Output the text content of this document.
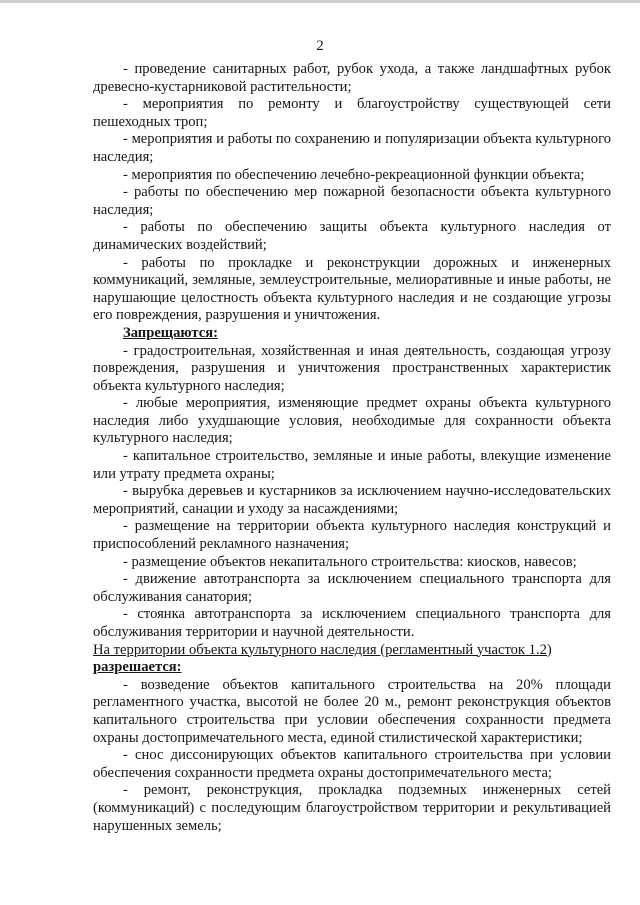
2

- проведение санитарных работ, рубок ухода, а также ландшафтных рубок древесно-кустарниковой растительности;

- мероприятия по ремонту и благоустройству существующей сети пешеходных троп;

- мероприятия и работы по сохранению и популяризации объекта культурного наследия;

- мероприятия по обеспечению лечебно-рекреационной функции объекта;

- работы по обеспечению мер пожарной безопасности объекта культурного наследия;

- работы по обеспечению защиты объекта культурного наследия от динамических воздействий;

- работы по прокладке и реконструкции дорожных и инженерных коммуникаций, земляные, землеустроительные, мелиоративные и иные работы, не нарушающие целостность объекта культурного наследия и не создающие угрозы его повреждения, разрушения и уничтожения.

Запрещаются:

- градостроительная, хозяйственная и иная деятельность, создающая угрозу повреждения, разрушения и уничтожения пространственных характеристик объекта культурного наследия;

- любые мероприятия, изменяющие предмет охраны объекта культурного наследия либо ухудшающие условия, необходимые для сохранности объекта культурного наследия;

- капитальное строительство, земляные и иные работы, влекущие изменение или утрату предмета охраны;

- вырубка деревьев и кустарников за исключением научно-исследовательских мероприятий, санации и уходу за насаждениями;

- размещение на территории объекта культурного наследия конструкций и приспособлений рекламного назначения;

- размещение объектов некапитального строительства: киосков, навесов;

- движение автотранспорта за исключением специального транспорта для обслуживания санатория;

- стоянка автотранспорта за исключением специального транспорта для обслуживания территории и научной деятельности.

На территории объекта культурного наследия (регламентный участок 1.2)
разрешается:

- возведение объектов капитального строительства на 20% площади регламентного участка, высотой не более 20 м., ремонт реконструкция объектов капитального строительства при условии обеспечения сохранности предмета охраны достопримечательного места, единой стилистической характеристики;

- снос диссонирующих объектов капитального строительства при условии обеспечения сохранности предмета охраны достопримечательного места;

- ремонт, реконструкция, прокладка подземных инженерных сетей (коммуникаций) с последующим благоустройством территории и рекультивацией нарушенных земель;
